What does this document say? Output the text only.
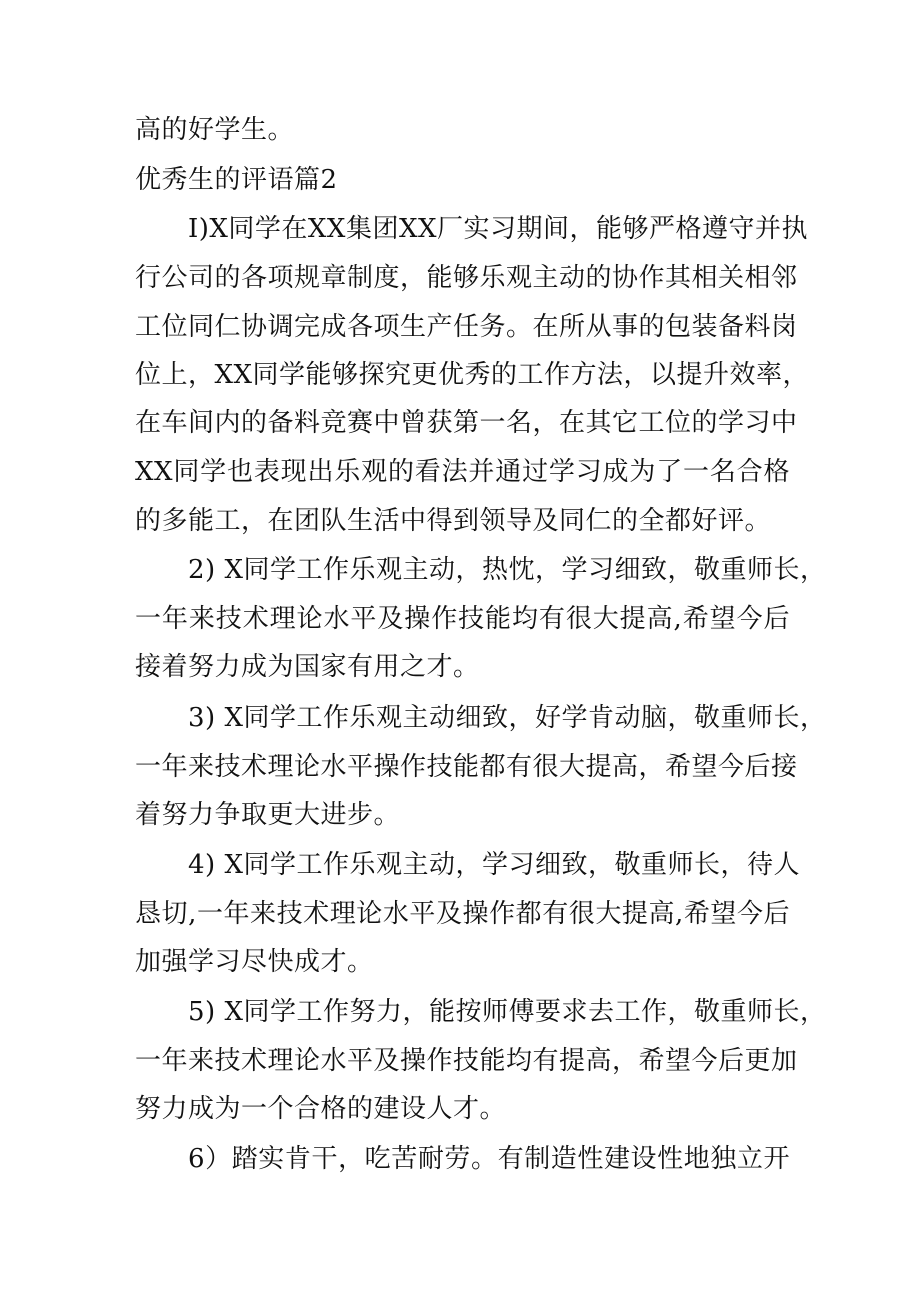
高的好学生。
优秀生的评语篇2
I)X同学在XX集团XX厂实习期间，能够严格遵守并执
行公司的各项规章制度，能够乐观主动的协作其相关相邻
工位同仁协调完成各项生产任务。在所从事的包装备料岗
位上，XX同学能够探究更优秀的工作方法，以提升效率，
在车间内的备料竞赛中曾获第一名，在其它工位的学习中
XX同学也表现出乐观的看法并通过学习成为了一名合格
的多能工，在团队生活中得到领导及同仁的全都好评。
2) X同学工作乐观主动，热忱，学习细致，敬重师长，
一年来技术理论水平及操作技能均有很大提高,希望今后
接着努力成为国家有用之才。
3) X同学工作乐观主动细致，好学肯动脑，敬重师长，
一年来技术理论水平操作技能都有很大提高，希望今后接
着努力争取更大进步。
4) X同学工作乐观主动，学习细致，敬重师长，待人
恳切,一年来技术理论水平及操作都有很大提高,希望今后
加强学习尽快成才。
5) X同学工作努力，能按师傅要求去工作，敬重师长，
一年来技术理论水平及操作技能均有提高，希望今后更加
努力成为一个合格的建设人才。
6）踏实肯干，吃苦耐劳。有制造性建设性地独立开
